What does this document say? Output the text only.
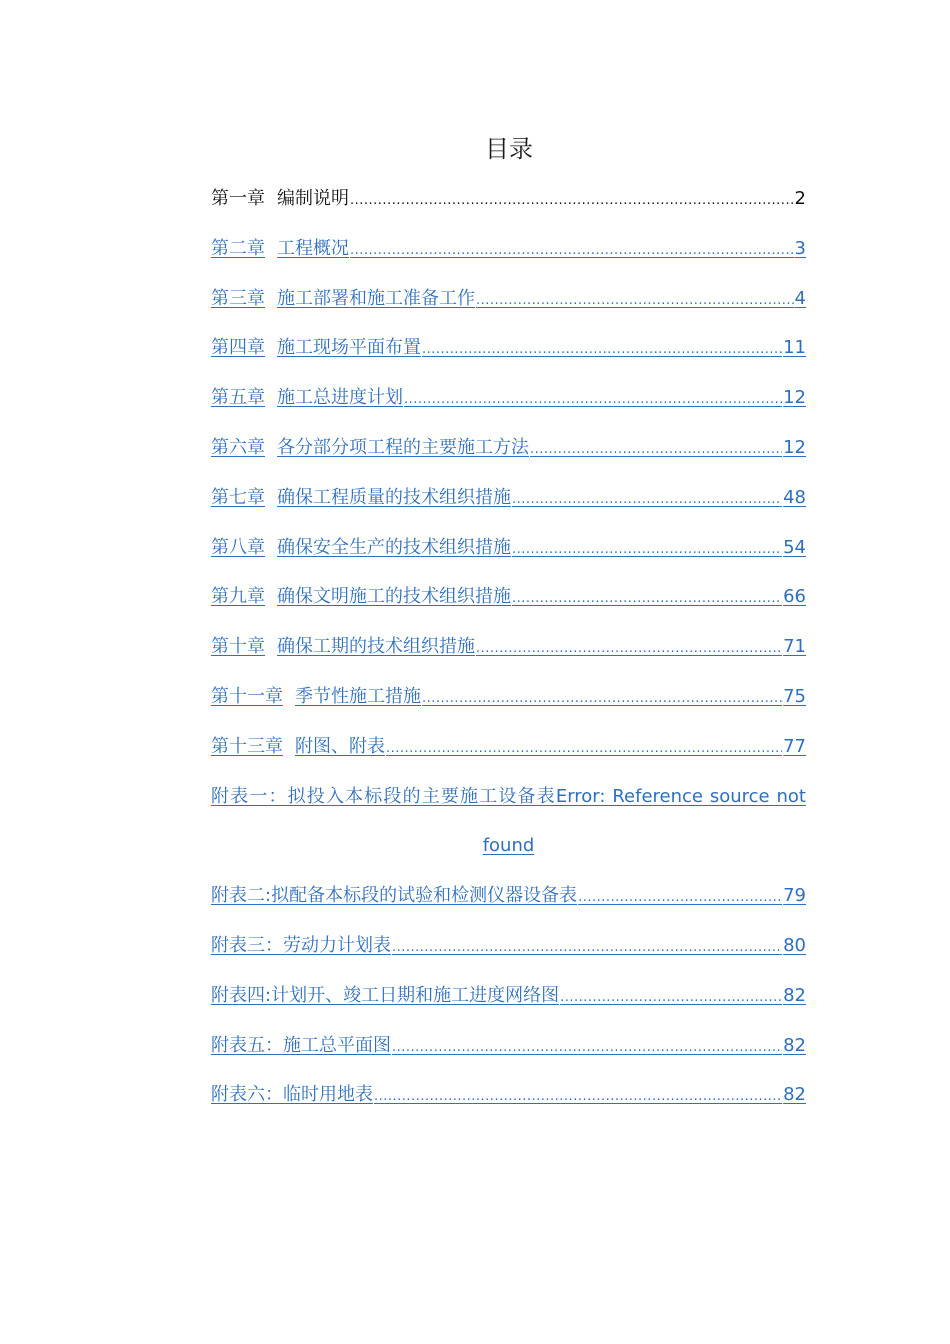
目录
第一章 编制说明 .....	2
第二章 工程概况 .....	3
第三章 施工部署和施工准备工作 .....	4
第四章 施工现场平面布置 .....	11
第五章 施工总进度计划 .....	12
第六章 各分部分项工程的主要施工方法 .....	12
第七章 确保工程质量的技术组织措施 .....	48
第八章 确保安全生产的技术组织措施 .....	54
第九章 确保文明施工的技术组织措施 .....	66
第十章 确保工期的技术组织措施 .....	71
第十一章 季节性施工措施 .....	75
第十三章 附图、附表 .....	77
附表一：拟投入本标段的主要施工设备表Error: Reference source not
found
附表二:拟配备本标段的试验和检测仪器设备表 .....	79
附表三：劳动力计划表 .....	80
附表四:计划开、竣工日期和施工进度网络图 .....	82
附表五：施工总平面图 .....	82
附表六：临时用地表 .....	82
